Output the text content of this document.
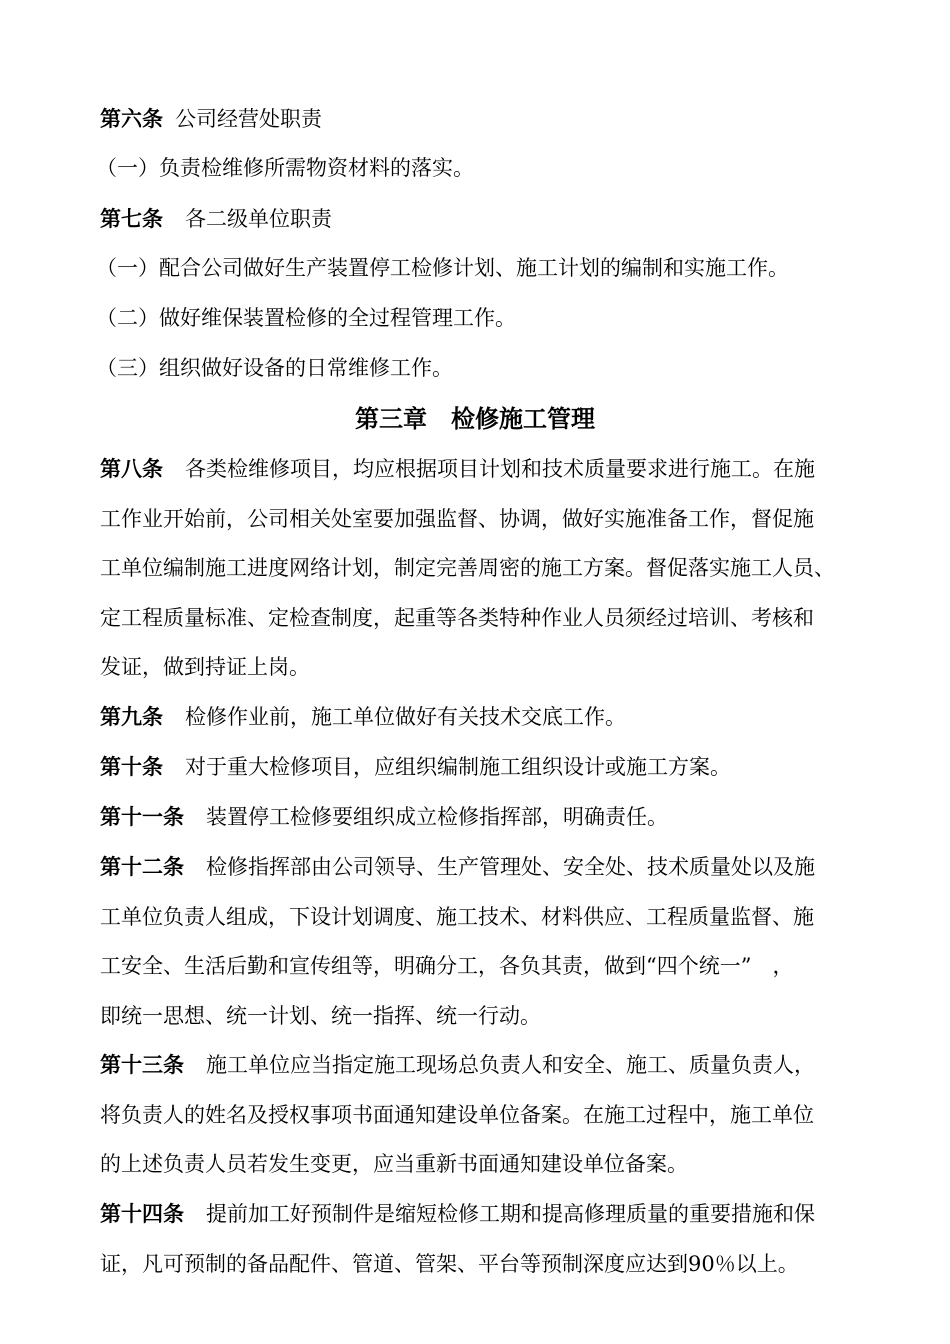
第六条 公司经营处职责

（一）负责检维修所需物资材料的落实。

第七条 各二级单位职责

（一）配合公司做好生产装置停工检修计划、施工计划的编制和实施工作。

（二）做好维保装置检修的全过程管理工作。

（三）组织做好设备的日常维修工作。

第三章　检修施工管理
第八条 各类检维修项目，均应根据项目计划和技术质量要求进行施工。在施
工作业开始前，公司相关处室要加强监督、协调，做好实施准备工作，督促施
工单位编制施工进度网络计划，制定完善周密的施工方案。督促落实施工人员、
定工程质量标准、定检查制度，起重等各类特种作业人员须经过培训、考核和
发证，做到持证上岗。

第九条 检修作业前，施工单位做好有关技术交底工作。

第十条 对于重大检修项目，应组织编制施工组织设计或施工方案。

第十一条 装置停工检修要组织成立检修指挥部，明确责任。

第十二条 检修指挥部由公司领导、生产管理处、安全处、技术质量处以及施
工单位负责人组成，下设计划调度、施工技术、材料供应、工程质量监督、施
工安全、生活后勤和宣传组等，明确分工，各负其责，做到“四个统一”　，
即统一思想、统一计划、统一指挥、统一行动。
第十三条 施工单位应当指定施工现场总负责人和安全、施工、质量负责人，
将负责人的姓名及授权事项书面通知建设单位备案。在施工过程中，施工单位
的上述负责人员若发生变更，应当重新书面通知建设单位备案。
第十四条 提前加工好预制件是缩短检修工期和提高修理质量的重要措施和保
证，凡可预制的备品配件、管道、管架、平台等预制深度应达到90％以上。
